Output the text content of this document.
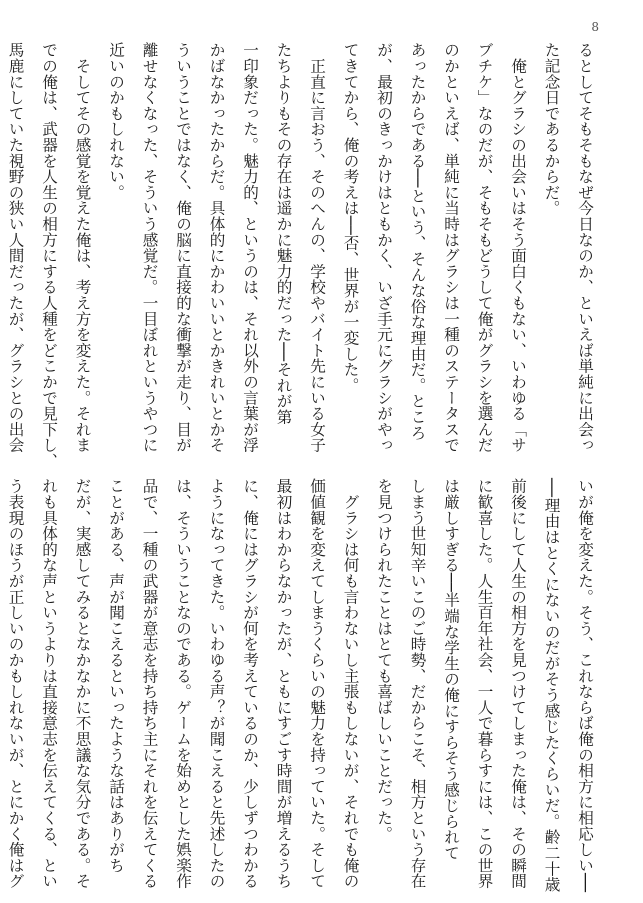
8
るとしてそもそもなぜ今日なのか、といえば単純に出会っ
た記念日であるからだ。
　俺とグラシの出会いはそう面白くもない、いわゆる「サ
ブチケ」なのだが、そもそもどうして俺がグラシを選んだ
のかといえば、単純に当時はグラシは一種のステータスで
あったからである──という、そんな俗な理由だ。ところ
が、最初のきっかけはともかく、いざ手元にグラシがやっ
てきてから、俺の考えは──否、世界が一変した。
　正直に言おう、そのへんの、学校やバイト先にいる女子
たちよりもその存在は遥かに魅力的だった──それが第
一印象だった。魅力的、というのは、それ以外の言葉が浮
かばなかったからだ。具体的にかわいいとかきれいとかそ
ういうことではなく、俺の脳に直接的な衝撃が走り、目が
離せなくなった、そういう感覚だ。一目ぼれというやつに
近いのかもしれない。
　そしてその感覚を覚えた俺は、考え方を変えた。それま
での俺は、武器を人生の相方にする人種をどこかで見下し、
馬鹿にしていた視野の狭い人間だったが、グラシとの出会
いが俺を変えた。そう、これならば俺の相方に相応しい──
──理由はとくにないのだがそう感じたくらいだ。齢二十歳
前後にして人生の相方を見つけてしまった俺は、その瞬間
に歓喜した。人生百年社会、一人で暮らすには、この世界
は厳しすぎる──半端な学生の俺にすらそう感じられて
しまう世知辛いこのご時勢、だからこそ、相方という存在
を見つけられたことはとても喜ばしいことだった。
　グラシは何も言わないし主張もしないが、それでも俺の
価値観を変えてしまうくらいの魅力を持っていた。そして
最初はわからなかったが、ともにすごす時間が増えるうち
に、俺にはグラシが何を考えているのか、少しずつわかる
ようになってきた。いわゆる声？が聞こえると先述したの
は、そういうことなのである。ゲームを始めとした娯楽作
品で、一種の武器が意志を持ち持ち主にそれを伝えてくる
ことがある、声が聞こえるといったような話はありがち
だが、実感してみるとなかなかに不思議な気分である。そ
れも具体的な声というよりは直接意志を伝えてくる、とい
う表現のほうが正しいのかもしれないが、とにかく俺はグ
